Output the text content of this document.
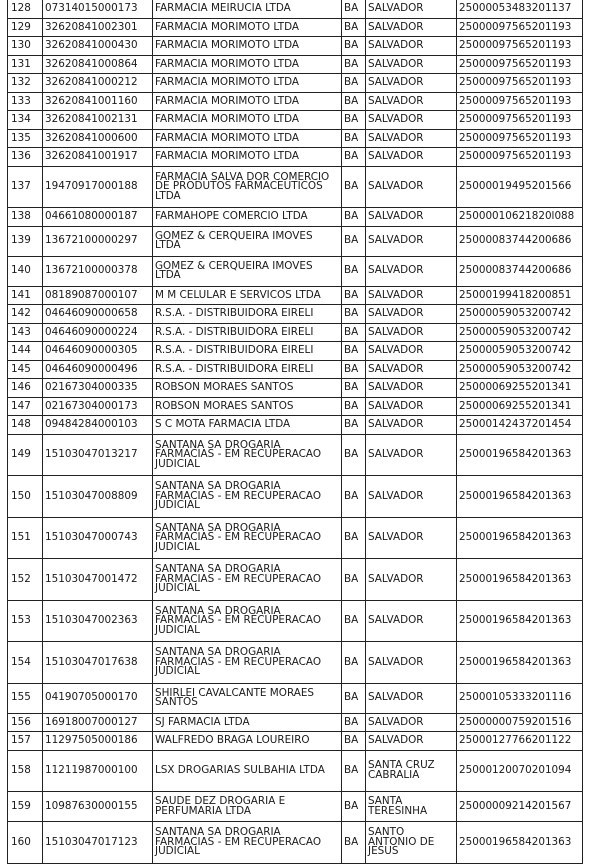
128	07314015000173	FARMACIA MEIRUCIA LTDA	BA	SALVADOR	25000053483201137
129	32620841002301	FARMACIA MORIMOTO LTDA	BA	SALVADOR	25000097565201193
130	32620841000430	FARMACIA MORIMOTO LTDA	BA	SALVADOR	25000097565201193
131	32620841000864	FARMACIA MORIMOTO LTDA	BA	SALVADOR	25000097565201193
132	32620841000212	FARMACIA MORIMOTO LTDA	BA	SALVADOR	25000097565201193
133	32620841001160	FARMACIA MORIMOTO LTDA	BA	SALVADOR	25000097565201193
134	32620841002131	FARMACIA MORIMOTO LTDA	BA	SALVADOR	25000097565201193
135	32620841000600	FARMACIA MORIMOTO LTDA	BA	SALVADOR	25000097565201193
136	32620841001917	FARMACIA MORIMOTO LTDA	BA	SALVADOR	25000097565201193
137	19470917000188	FARMACIA SALVA DOR COMERCIO DE PRODUTOS FARMACEUTICOS LTDA	BA	SALVADOR	25000019495201566
138	04661080000187	FARMAHOPE COMERCIO LTDA	BA	SALVADOR	25000010621820l088
139	13672100000297	GOMEZ & CERQUEIRA IMOVES LTDA	BA	SALVADOR	25000083744200686
140	13672100000378	GOMEZ & CERQUEIRA IMOVES LTDA	BA	SALVADOR	25000083744200686
141	08189087000107	M M CELULAR E SERVICOS LTDA	BA	SALVADOR	25000199418200851
142	04646090000658	R.S.A. - DISTRIBUIDORA EIRELI	BA	SALVADOR	25000059053200742
143	04646090000224	R.S.A. - DISTRIBUIDORA EIRELI	BA	SALVADOR	25000059053200742
144	04646090000305	R.S.A. - DISTRIBUIDORA EIRELI	BA	SALVADOR	25000059053200742
145	04646090000496	R.S.A. - DISTRIBUIDORA EIRELI	BA	SALVADOR	25000059053200742
146	02167304000335	ROBSON MORAES SANTOS	BA	SALVADOR	25000069255201341
147	02167304000173	ROBSON MORAES SANTOS	BA	SALVADOR	25000069255201341
148	09484284000103	S C MOTA FARMACIA LTDA	BA	SALVADOR	25000142437201454
149	15103047013217	SANTANA SA DROGARIA FARMACIAS - EM RECUPERACAO JUDICIAL	BA	SALVADOR	25000196584201363
150	15103047008809	SANTANA SA DROGARIA FARMACIAS - EM RECUPERACAO JUDICIAL	BA	SALVADOR	25000196584201363
151	15103047000743	SANTANA SA DROGARIA FARMACIAS - EM RECUPERACAO JUDICIAL	BA	SALVADOR	25000196584201363
152	15103047001472	SANTANA SA DROGARIA FARMACIAS - EM RECUPERACAO JUDICIAL	BA	SALVADOR	25000196584201363
153	15103047002363	SANTANA SA DROGARIA FARMACIAS - EM RECUPERACAO JUDICIAL	BA	SALVADOR	25000196584201363
154	15103047017638	SANTANA SA DROGARIA FARMACIAS - EM RECUPERACAO JUDICIAL	BA	SALVADOR	25000196584201363
155	04190705000170	SHIRLEI CAVALCANTE MORAES SANTOS	BA	SALVADOR	25000105333201116
156	16918007000127	SJ FARMACIA LTDA	BA	SALVADOR	25000000759201516
157	11297505000186	WALFREDO BRAGA LOUREIRO	BA	SALVADOR	25000127766201122
158	11211987000100	LSX DROGARIAS SULBAHIA LTDA	BA	SANTA CRUZ CABRALIA	25000120070201094
159	10987630000155	SAUDE DEZ DROGARIA E PERFUMARIA LTDA	BA	SANTA TERESINHA	25000009214201567
160	15103047017123	SANTANA SA DROGARIA FARMACIAS - EM RECUPERACAO JUDICIAL	BA	SANTO ANTONIO DE JESUS	25000196584201363
